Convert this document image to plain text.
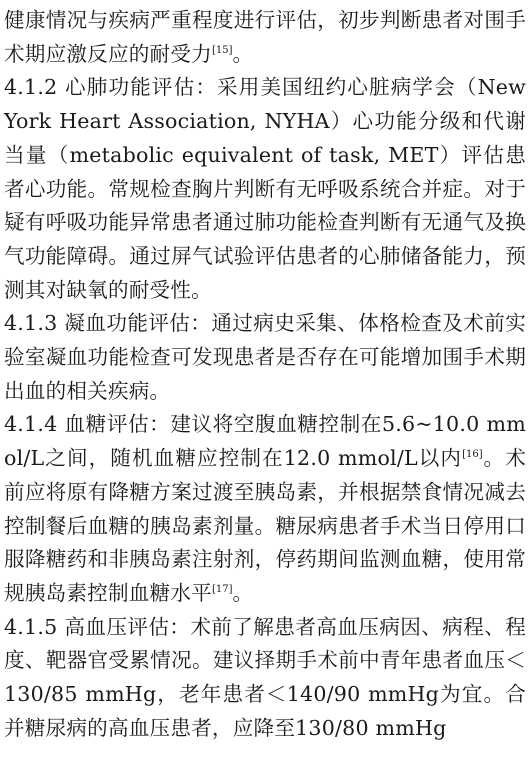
健康情况与疾病严重程度进行评估，初步判断患者对围手术期应激反应的耐受力[15]。

4.1.2 心肺功能评估：采用美国纽约心脏病学会（New York Heart Association, NYHA）心功能分级和代谢当量（metabolic equivalent of task, MET）评估患者心功能。常规检查胸片判断有无呼吸系统合并症。对于疑有呼吸功能异常患者通过肺功能检查判断有无通气及换气功能障碍。通过屏气试验评估患者的心肺储备能力，预测其对缺氧的耐受性。

4.1.3 凝血功能评估：通过病史采集、体格检查及术前实验室凝血功能检查可发现患者是否存在可能增加围手术期出血的相关疾病。

4.1.4 血糖评估：建议将空腹血糖控制在5.6~10.0 mmol/L之间，随机血糖应控制在12.0 mmol/L以内[16]。术前应将原有降糖方案过渡至胰岛素，并根据禁食情况减去控制餐后血糖的胰岛素剂量。糖尿病患者手术当日停用口服降糖药和非胰岛素注射剂，停药期间监测血糖，使用常规胰岛素控制血糖水平[17]。

4.1.5 高血压评估：术前了解患者高血压病因、病程、程度、靶器官受累情况。建议择期手术前中青年患者血压＜130/85 mmHg，老年患者＜140/90 mmHg为宜。合并糖尿病的高血压患者，应降至130/80 mmHg
